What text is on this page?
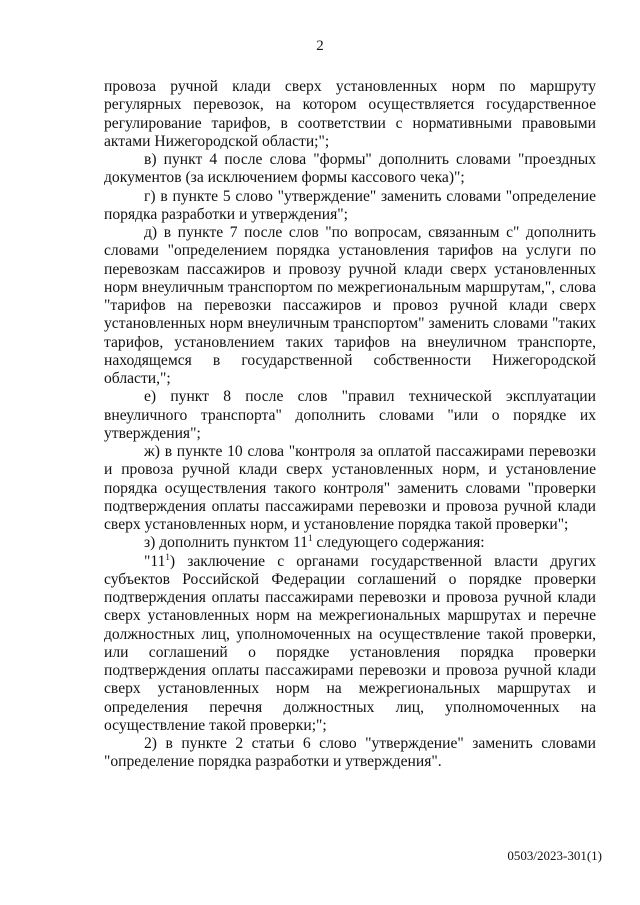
2

провоза ручной клади сверх установленных норм по маршруту регулярных перевозок, на котором осуществляется государственное регулирование тарифов, в соответствии с нормативными правовыми актами Нижегородской области;";

в) пункт 4 после слова "формы" дополнить словами "проездных документов (за исключением формы кассового чека)";

г) в пункте 5 слово "утверждение" заменить словами "определение порядка разработки и утверждения";

д) в пункте 7 после слов "по вопросам, связанным с" дополнить словами "определением порядка установления тарифов на услуги по перевозкам пассажиров и провозу ручной клади сверх установленных норм внеуличным транспортом по межрегиональным маршрутам,", слова "тарифов на перевозки пассажиров и провоз ручной клади сверх установленных норм внеуличным транспортом" заменить словами "таких тарифов, установлением таких тарифов на внеуличном транспорте, находящемся в государственной собственности Нижегородской области,";

е) пункт 8 после слов "правил технической эксплуатации внеуличного транспорта" дополнить словами "или о порядке их утверждения";

ж) в пункте 10 слова "контроля за оплатой пассажирами перевозки и провоза ручной клади сверх установленных норм, и установление порядка осуществления такого контроля" заменить словами "проверки подтверждения оплаты пассажирами перевозки и провоза ручной клади сверх установленных норм, и установление порядка такой проверки";

з) дополнить пунктом $11^1$ следующего содержания:

"$11^1$) заключение с органами государственной власти других субъектов Российской Федерации соглашений о порядке проверки подтверждения оплаты пассажирами перевозки и провоза ручной клади сверх установленных норм на межрегиональных маршрутах и перечне должностных лиц, уполномоченных на осуществление такой проверки, или соглашений о порядке установления порядка проверки подтверждения оплаты пассажирами перевозки и провоза ручной клади сверх установленных норм на межрегиональных маршрутах и определения перечня должностных лиц, уполномоченных на осуществление такой проверки;";

2) в пункте 2 статьи 6 слово "утверждение" заменить словами "определение порядка разработки и утверждения".

0503/2023-301(1)
